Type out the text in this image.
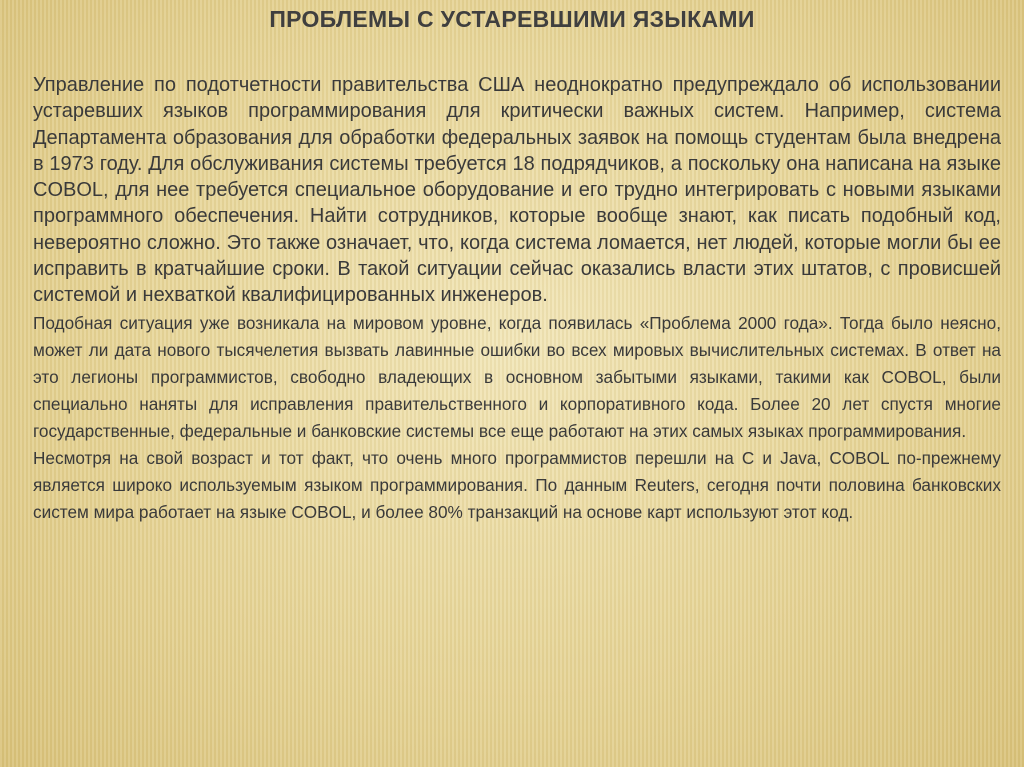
ПРОБЛЕМЫ С УСТАРЕВШИМИ ЯЗЫКАМИ

Управление по подотчетности правительства США неоднократно предупреждало об использовании устаревших языков программирования для критически важных систем. Например, система Департамента образования для обработки федеральных заявок на помощь студентам была внедрена в 1973 году. Для обслуживания системы требуется 18 подрядчиков, а поскольку она написана на языке COBOL, для нее требуется специальное оборудование и его трудно интегрировать с новыми языками программного обеспечения. Найти сотрудников, которые вообще знают, как писать подобный код, невероятно сложно. Это также означает, что, когда система ломается, нет людей, которые могли бы ее исправить в кратчайшие сроки. В такой ситуации сейчас оказались власти этих штатов, с провисшей системой и нехваткой квалифицированных инженеров.

Подобная ситуация уже возникала на мировом уровне, когда появилась «Проблема 2000 года». Тогда было неясно, может ли дата нового тысячелетия вызвать лавинные ошибки во всех мировых вычислительных системах. В ответ на это легионы программистов, свободно владеющих в основном забытыми языками, такими как COBOL, были специально наняты для исправления правительственного и корпоративного кода. Более 20 лет спустя многие государственные, федеральные и банковские системы все еще работают на этих самых языках программирования.

Несмотря на свой возраст и тот факт, что очень много программистов перешли на C и Java, COBOL по-прежнему является широко используемым языком программирования. По данным Reuters, сегодня почти половина банковских систем мира работает на языке COBOL, и более 80% транзакций на основе карт используют этот код.
